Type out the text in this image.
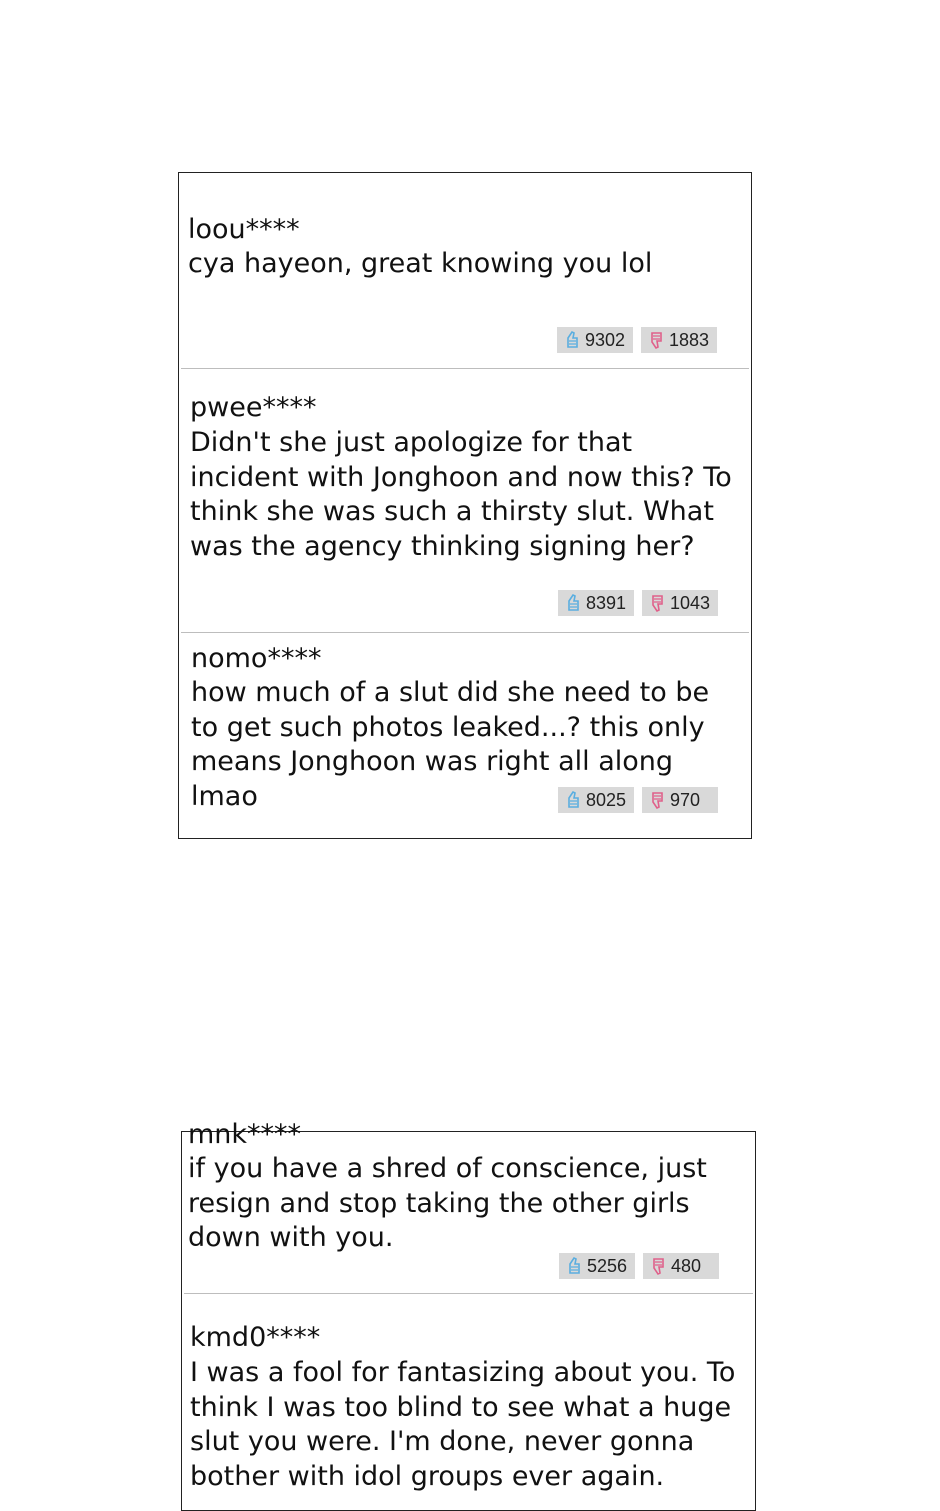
loou****
cya hayeon, great knowing you lol
9302 1883
pwee****
Didn't she just apologize for that incident with Jonghoon and now this? To think she was such a thirsty slut. What was the agency thinking signing her?
8391 1043
nomo****
how much of a slut did she need to be to get such photos leaked...? this only means Jonghoon was right all along lmao	8025 970
mnk****
if you have a shred of conscience, just resign and stop taking the other girls down with you.
5256 480
kmd0****
I was a fool for fantasizing about you. To think I was too blind to see what a huge slut you were. I'm done, never gonna bother with idol groups ever again.
